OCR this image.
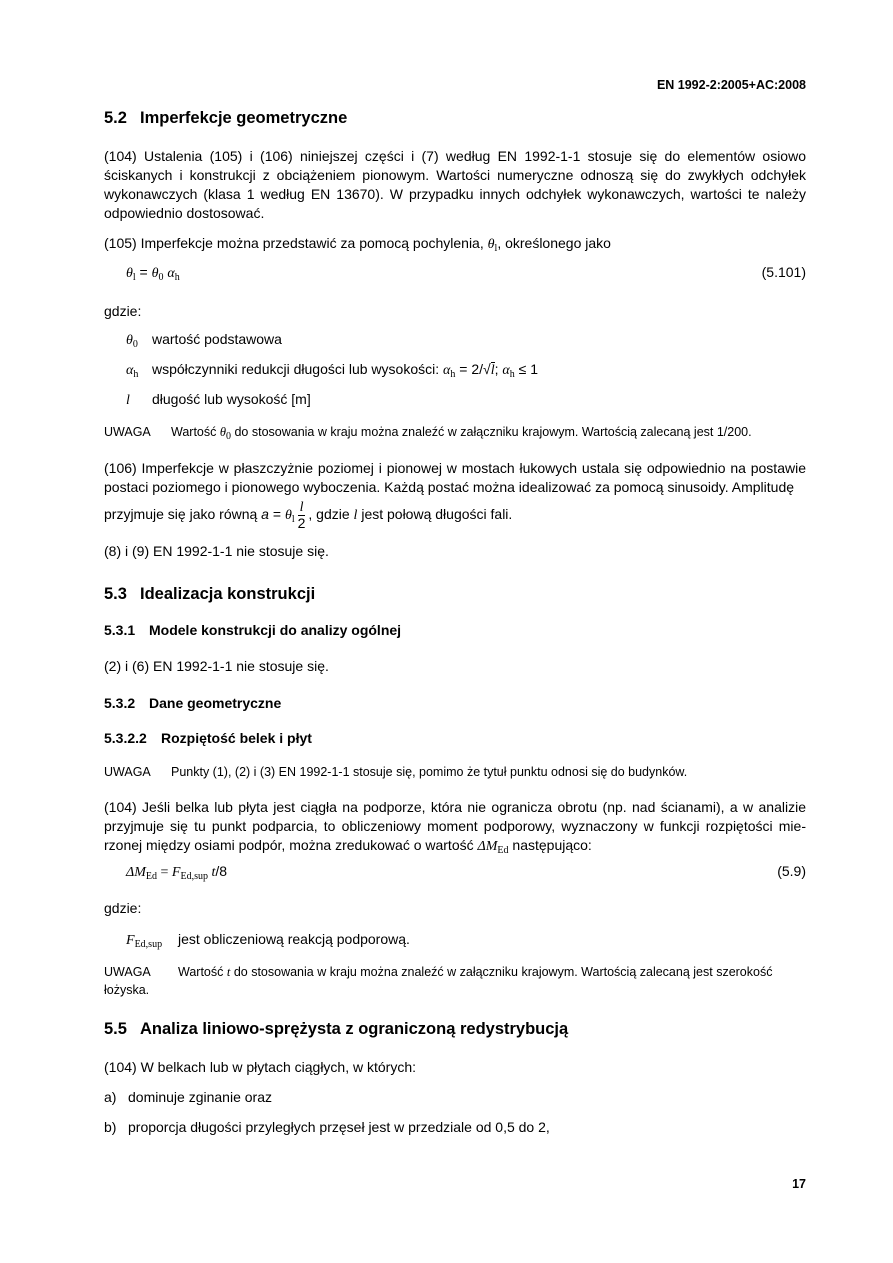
EN 1992-2:2005+AC:2008
5.2 Imperfekcje geometryczne
(104) Ustalenia (105) i (106) niniejszej części i (7) według EN 1992-1-1 stosuje się do elementów osiowo ściskanych i konstrukcji z obciążeniem pionowym. Wartości numeryczne odnoszą się do zwykłych odchyłek wykonawczych (klasa 1 według EN 13670). W przypadku innych odchyłek wykonawczych, wartości te należy odpowiednio dostosować.
(105) Imperfekcje można przedstawić za pomocą pochylenia, $\theta_l$, określonego jako
$\theta_l = \theta_0$ $\alpha_h$	(5.101)
gdzie:
$\theta_0$ wartość podstawowa
$\alpha_h$ współczynniki redukcji długości lub wysokości: $\alpha_h = 2/√l$; $\alpha_h \le 1$
l długość lub wysokość [m]
UWAGA Wartość $\theta_0$ do stosowania w kraju można znaleźć w załączniku krajowym. Wartością zalecaną jest 1/200.
(106) Imperfekcje w płaszczyżnie poziomej i pionowej w mostach łukowych ustala się odpowiednio na postawie postaci poziomego i pionowego wyboczenia. Każdą postać można idealizować za pomocą sinusoidy. Amplitudę
przyjmuje się jako równą $a = \theta_l \frac{l}{2}$ , gdzie l jest połową długości fali.
(8) i (9) EN 1992-1-1 nie stosuje się.
5.3 Idealizacja konstrukcji
5.3.1 Modele konstrukcji do analizy ogólnej
(2) i (6) EN 1992-1-1 nie stosuje się.
5.3.2 Dane geometryczne
5.3.2.2 Rozpiętość belek i płyt
UWAGA Punkty (1), (2) i (3) EN 1992-1-1 stosuje się, pomimo że tytuł punktu odnosi się do budynków.
(104) Jeśli belka lub płyta jest ciągła na podporze, która nie ogranicza obrotu (np. nad ścianami), a w analizie przyjmuje się tu punkt podparcia, to obliczeniowy moment podporowy, wyznaczony w funkcji rozpiętości mie-rzonej między osiami podpór, można zredukować o wartość $\Delta M_{Ed}$ następująco:
$\Delta M_{Ed} = F_{Ed,sup}$ t/8	(5.9)
gdzie:
$F_{Ed,sup}$ jest obliczeniową reakcją podporową.
UWAGA Wartość t do stosowania w kraju można znaleźć w załączniku krajowym. Wartością zalecaną jest szerokość łożyska.
5.5 Analiza liniowo-sprężysta z ograniczoną redystrybucją
(104) W belkach lub w płytach ciągłych, w których:
a) dominuje zginanie oraz
b) proporcja długości przyległych przęseł jest w przedziale od 0,5 do 2,
17
